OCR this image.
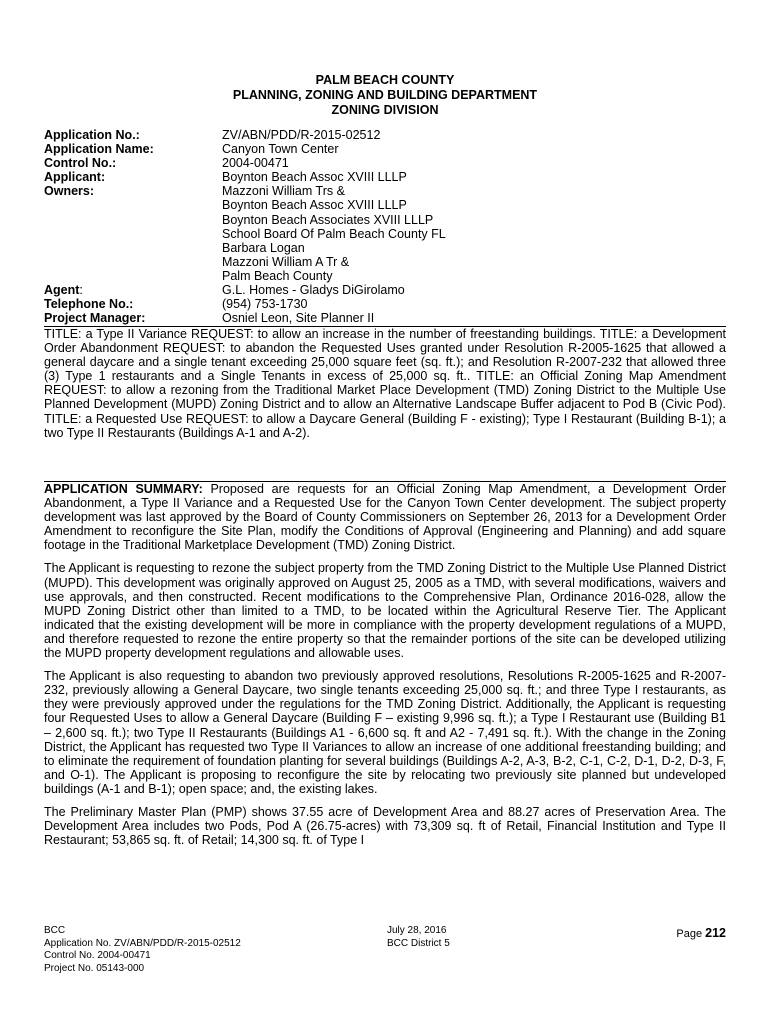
PALM BEACH COUNTY
PLANNING, ZONING AND BUILDING DEPARTMENT
ZONING DIVISION
Application No.:	ZV/ABN/PDD/R-2015-02512
Application Name:	Canyon Town Center
Control No.:	2004-00471
Applicant:	Boynton Beach Assoc XVIII LLLP
Owners:	Mazzoni William Trs &
Boynton Beach Assoc XVIII LLLP
Boynton Beach Associates XVIII LLLP
School Board Of Palm Beach County FL
Barbara Logan
Mazzoni William A Tr &
Palm Beach County
Agent:	G.L. Homes - Gladys DiGirolamo
Telephone No.:	(954) 753-1730
Project Manager:	Osniel Leon, Site Planner II
TITLE: a Type II Variance REQUEST: to allow an increase in the number of freestanding buildings. TITLE: a Development Order Abandonment REQUEST: to abandon the Requested Uses granted under Resolution R-2005-1625 that allowed a general daycare and a single tenant exceeding 25,000 square feet (sq. ft.); and Resolution R-2007-232 that allowed three (3) Type 1 restaurants and a Single Tenants in excess of 25,000 sq. ft.. TITLE: an Official Zoning Map Amendment REQUEST: to allow a rezoning from the Traditional Market Place Development (TMD) Zoning District to the Multiple Use Planned Development (MUPD) Zoning District and to allow an Alternative Landscape Buffer adjacent to Pod B (Civic Pod). TITLE: a Requested Use REQUEST: to allow a Daycare General (Building F - existing); Type I Restaurant (Building B-1); a two Type II Restaurants (Buildings A-1 and A-2).

APPLICATION SUMMARY: Proposed are requests for an Official Zoning Map Amendment, a Development Order Abandonment, a Type II Variance and a Requested Use for the Canyon Town Center development. The subject property development was last approved by the Board of County Commissioners on September 26, 2013 for a Development Order Amendment to reconfigure the Site Plan, modify the Conditions of Approval (Engineering and Planning) and add square footage in the Traditional Marketplace Development (TMD) Zoning District.

The Applicant is requesting to rezone the subject property from the TMD Zoning District to the Multiple Use Planned District (MUPD). This development was originally approved on August 25, 2005 as a TMD, with several modifications, waivers and use approvals, and then constructed. Recent modifications to the Comprehensive Plan, Ordinance 2016-028, allow the MUPD Zoning District other than limited to a TMD, to be located within the Agricultural Reserve Tier. The Applicant indicated that the existing development will be more in compliance with the property development regulations of a MUPD, and therefore requested to rezone the entire property so that the remainder portions of the site can be developed utilizing the MUPD property development regulations and allowable uses.

The Applicant is also requesting to abandon two previously approved resolutions, Resolutions R-2005-1625 and R-2007-232, previously allowing a General Daycare, two single tenants exceeding 25,000 sq. ft.; and three Type I restaurants, as they were previously approved under the regulations for the TMD Zoning District. Additionally, the Applicant is requesting four Requested Uses to allow a General Daycare (Building F – existing 9,996 sq. ft.); a Type I Restaurant use (Building B1 – 2,600 sq. ft.); two Type II Restaurants (Buildings A1 - 6,600 sq. ft and A2 - 7,491 sq. ft.). With the change in the Zoning District, the Applicant has requested two Type II Variances to allow an increase of one additional freestanding building; and to eliminate the requirement of foundation planting for several buildings (Buildings A-2, A-3, B-2, C-1, C-2, D-1, D-2, D-3, F, and O-1). The Applicant is proposing to reconfigure the site by relocating two previously site planned but undeveloped buildings (A-1 and B-1); open space; and, the existing lakes.

The Preliminary Master Plan (PMP) shows 37.55 acre of Development Area and 88.27 acres of Preservation Area. The Development Area includes two Pods, Pod A (26.75-acres) with 73,309 sq. ft of Retail, Financial Institution and Type II Restaurant; 53,865 sq. ft. of Retail; 14,300 sq. ft. of Type I

BCC
Application No. ZV/ABN/PDD/R-2015-02512
Control No. 2004-00471
Project No. 05143-000
July 28, 2016
BCC District 5
Page 212
